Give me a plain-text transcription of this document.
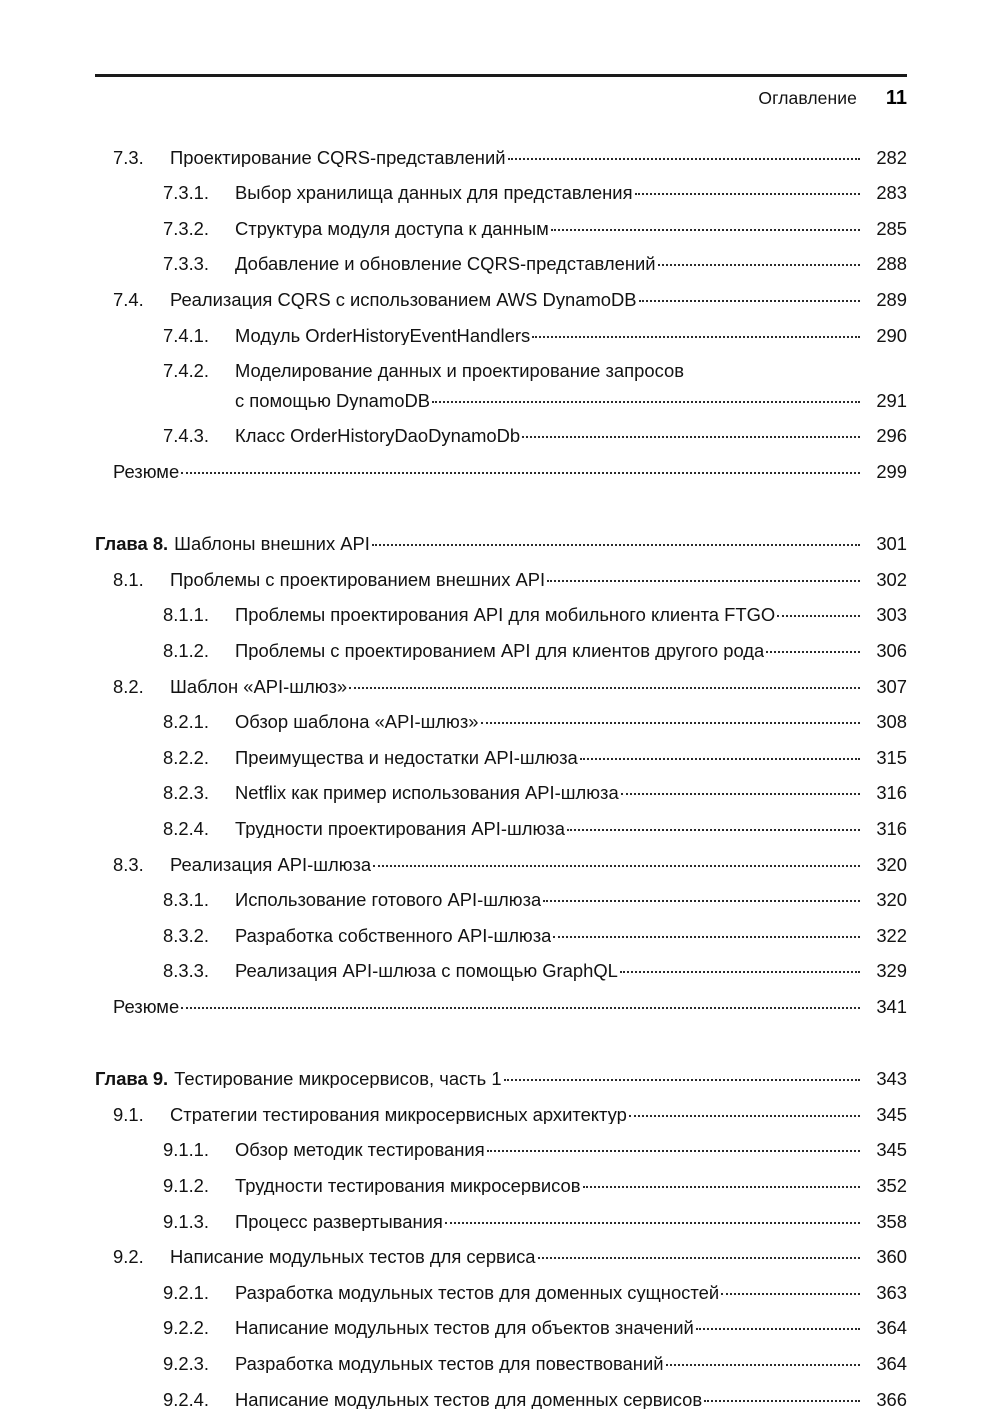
Оглавление 11
7.3.	Проектирование CQRS-представлений	282
7.3.1.	Выбор хранилища данных для представления	283
7.3.2.	Структура модуля доступа к данным	285
7.3.3.	Добавление и обновление CQRS-представлений	288
7.4.	Реализация CQRS с использованием AWS DynamoDB	289
7.4.1.	Модуль OrderHistoryEventHandlers	290
7.4.2.	Моделирование данных и проектирование запросов
с помощью DynamoDB	291
7.4.3.	Класс OrderHistoryDaoDynamoDb	296
Резюме	299
Глава 8. Шаблоны внешних API	301
8.1.	Проблемы с проектированием внешних API	302
8.1.1.	Проблемы проектирования API для мобильного клиента FTGO	303
8.1.2.	Проблемы с проектированием API для клиентов другого рода	306
8.2.	Шаблон «API-шлюз»	307
8.2.1.	Обзор шаблона «API-шлюз»	308
8.2.2.	Преимущества и недостатки API-шлюза	315
8.2.3.	Netflix как пример использования API-шлюза	316
8.2.4.	Трудности проектирования API-шлюза	316
8.3.	Реализация API-шлюза	320
8.3.1.	Использование готового API-шлюза	320
8.3.2.	Разработка собственного API-шлюза	322
8.3.3.	Реализация API-шлюза с помощью GraphQL	329
Резюме	341
Глава 9. Тестирование микросервисов, часть 1	343
9.1.	Стратегии тестирования микросервисных архитектур	345
9.1.1.	Обзор методик тестирования	345
9.1.2.	Трудности тестирования микросервисов	352
9.1.3.	Процесс развертывания	358
9.2.	Написание модульных тестов для сервиса	360
9.2.1.	Разработка модульных тестов для доменных сущностей	363
9.2.2.	Написание модульных тестов для объектов значений	364
9.2.3.	Разработка модульных тестов для повествований	364
9.2.4.	Написание модульных тестов для доменных сервисов	366
